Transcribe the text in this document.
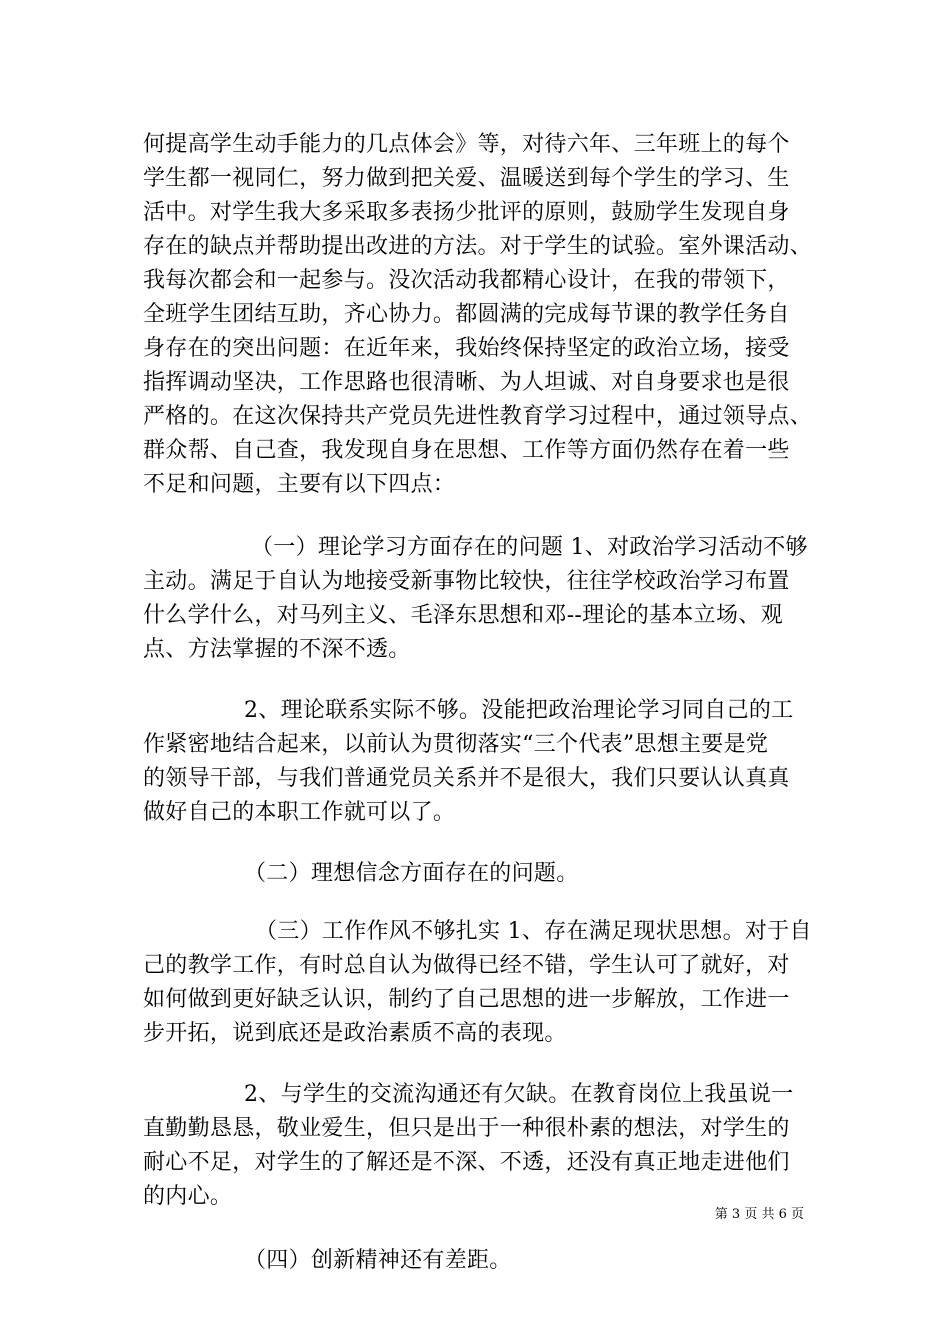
何提高学生动手能力的几点体会》等，对待六年、三年班上的每个
学生都一视同仁，努力做到把关爱、温暖送到每个学生的学习、生
活中。对学生我大多采取多表扬少批评的原则，鼓励学生发现自身
存在的缺点并帮助提出改进的方法。对于学生的试验。室外课活动、
我每次都会和一起参与。没次活动我都精心设计，在我的带领下，
全班学生团结互助，齐心协力。都圆满的完成每节课的教学任务自
身存在的突出问题：在近年来，我始终保持坚定的政治立场，接受
指挥调动坚决，工作思路也很清晰、为人坦诚、对自身要求也是很
严格的。在这次保持共产党员先进性教育学习过程中，通过领导点、
群众帮、自己查，我发现自身在思想、工作等方面仍然存在着一些
不足和问题，主要有以下四点：
（一）理论学习方面存在的问题 1、对政治学习活动不够
主动。满足于自认为地接受新事物比较快，往往学校政治学习布置
什么学什么，对马列主义、毛泽东思想和邓--理论的基本立场、观
点、方法掌握的不深不透。
2、理论联系实际不够。没能把政治理论学习同自己的工
作紧密地结合起来，以前认为贯彻落实“三个代表”思想主要是党
的领导干部，与我们普通党员关系并不是很大，我们只要认认真真
做好自己的本职工作就可以了。
（二）理想信念方面存在的问题。
（三）工作作风不够扎实 1、存在满足现状思想。对于自
己的教学工作，有时总自认为做得已经不错，学生认可了就好，对
如何做到更好缺乏认识，制约了自己思想的进一步解放，工作进一
步开拓，说到底还是政治素质不高的表现。
2、与学生的交流沟通还有欠缺。在教育岗位上我虽说一
直勤勤恳恳，敬业爱生，但只是出于一种很朴素的想法，对学生的
耐心不足，对学生的了解还是不深、不透，还没有真正地走进他们
的内心。
（四）创新精神还有差距。
第 3 页 共 6 页
